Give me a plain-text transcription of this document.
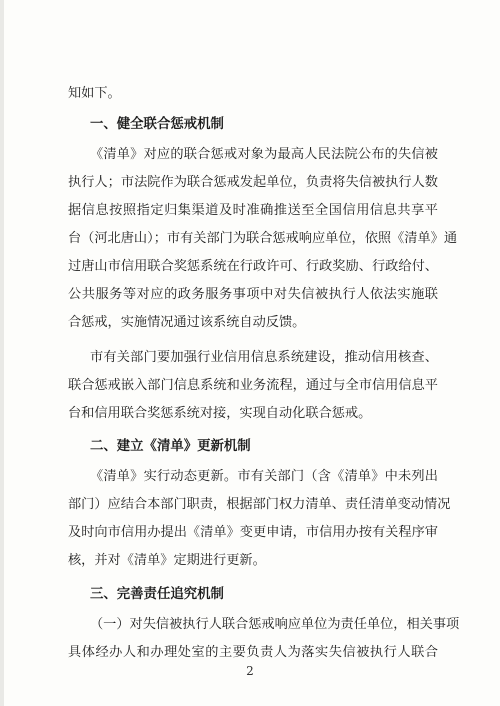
知如下。
一、健全联合惩戒机制
《清单》对应的联合惩戒对象为最高人民法院公布的失信被
执行人；市法院作为联合惩戒发起单位，负责将失信被执行人数
据信息按照指定归集渠道及时准确推送至全国信用信息共享平
台（河北唐山）；市有关部门为联合惩戒响应单位，依照《清单》通
过唐山市信用联合奖惩系统在行政许可、行政奖励、行政给付、
公共服务等对应的政务服务事项中对失信被执行人依法实施联
合惩戒，实施情况通过该系统自动反馈。
市有关部门要加强行业信用信息系统建设，推动信用核查、
联合惩戒嵌入部门信息系统和业务流程，通过与全市信用信息平
台和信用联合奖惩系统对接，实现自动化联合惩戒。
二、建立《清单》更新机制
《清单》实行动态更新。市有关部门（含《清单》中未列出
部门）应结合本部门职责，根据部门权力清单、责任清单变动情况
及时向市信用办提出《清单》变更申请，市信用办按有关程序审
核，并对《清单》定期进行更新。
三、完善责任追究机制
（一）对失信被执行人联合惩戒响应单位为责任单位，相关事项
具体经办人和办理处室的主要负责人为落实失信被执行人联合
2
